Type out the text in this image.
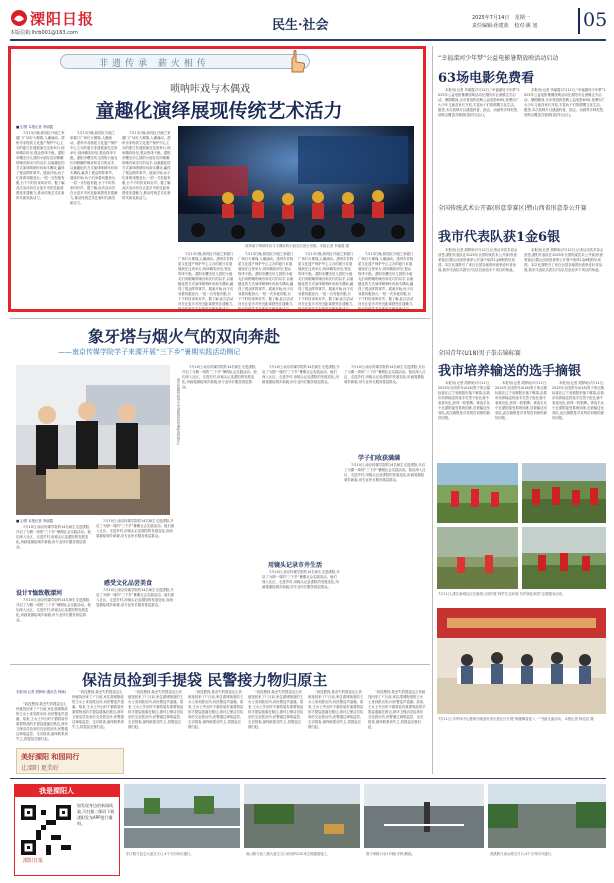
溧阳日报
本版信箱:lhrb001@163.com	民生·社会	2025年7月14日 星期一
责任编辑:孙建蓝 校对:姚 旭	05
非遗传承 薪火相传
唢呐咔戏与木偶戏
童趣化演绎展现传统艺术活力
■文/图 本报记者 李丽霞

7月13日晚,和园区开阔之家端门广场灯火璀璨,人潮涌动。溧州市非物质文化遗产保护中心主办的夏日非遗展演在这里举行,现场精彩纷呈,观众络绎不绝。溧阳市曙光幼儿园的小朋友们用稚嫩的嗓音和灵巧的双手,以童趣化的方式演绎唢呐咔戏和木偶戏,赢得了观众阵阵掌声。展演开始,孩子们身着戏服登台,一招一式有板有眼,台下不时传来叫好声。据了解,此次活动旨在让更多市民近距离感受非遗魅力,推动传统艺术在新时代焕发新活力。

7月13日晚,和园区开阔之家端门广场灯火璀璨,人潮涌动。溧州市非物质文化遗产保护中心主办的夏日非遗展演在这里举行,现场精彩纷呈,观众络绎不绝。溧阳市曙光幼儿园的小朋友们用稚嫩的嗓音和灵巧的双手,以童趣化的方式演绎唢呐咔戏和木偶戏,赢得了观众阵阵掌声。展演开始,孩子们身着戏服登台,一招一式有板有眼,台下不时传来叫好声。据了解,此次活动旨在让更多市民近距离感受非遗魅力,推动传统艺术在新时代焕发新活力。

7月13日晚,和园区开阔之家端门广场灯火璀璨,人潮涌动。溧州市非物质文化遗产保护中心主办的夏日非遗展演在这里举行,现场精彩纷呈,观众络绎不绝。溧阳市曙光幼儿园的小朋友们用稚嫩的嗓音和灵巧的双手,以童趣化的方式演绎唢呐咔戏和木偶戏,赢得了观众阵阵掌声。展演开始,孩子们身着戏服登台,一招一式有板有眼,台下不时传来叫好声。据了解,此次活动旨在让更多市民近距离感受非遗魅力,推动传统艺术在新时代焕发新活力。

演绎童子唢呐咔戏与木偶戏的小朋友们登台亮相。本报记者 李丽霞 摄

7月13日晚,和园区开阔之家端门广场灯火璀璨,人潮涌动。溧州市非物质文化遗产保护中心主办的夏日非遗展演在这里举行,现场精彩纷呈,观众络绎不绝。溧阳市曙光幼儿园的小朋友们用稚嫩的嗓音和灵巧的双手,以童趣化的方式演绎唢呐咔戏和木偶戏,赢得了观众阵阵掌声。展演开始,孩子们身着戏服登台,一招一式有板有眼,台下不时传来叫好声。据了解,此次活动旨在让更多市民近距离感受非遗魅力,推动传统艺术在新时代焕发新活力。

7月13日晚,和园区开阔之家端门广场灯火璀璨,人潮涌动。溧州市非物质文化遗产保护中心主办的夏日非遗展演在这里举行,现场精彩纷呈,观众络绎不绝。溧阳市曙光幼儿园的小朋友们用稚嫩的嗓音和灵巧的双手,以童趣化的方式演绎唢呐咔戏和木偶戏,赢得了观众阵阵掌声。展演开始,孩子们身着戏服登台,一招一式有板有眼,台下不时传来叫好声。据了解,此次活动旨在让更多市民近距离感受非遗魅力,推动传统艺术在新时代焕发新活力。

7月13日晚,和园区开阔之家端门广场灯火璀璨,人潮涌动。溧州市非物质文化遗产保护中心主办的夏日非遗展演在这里举行,现场精彩纷呈,观众络绎不绝。溧阳市曙光幼儿园的小朋友们用稚嫩的嗓音和灵巧的双手,以童趣化的方式演绎唢呐咔戏和木偶戏,赢得了观众阵阵掌声。展演开始,孩子们身着戏服登台,一招一式有板有眼,台下不时传来叫好声。据了解,此次活动旨在让更多市民近距离感受非遗魅力,推动传统艺术在新时代焕发新活力。

7月13日晚,和园区开阔之家端门广场灯火璀璨,人潮涌动。溧州市非物质文化遗产保护中心主办的夏日非遗展演在这里举行,现场精彩纷呈,观众络绎不绝。溧阳市曙光幼儿园的小朋友们用稚嫩的嗓音和灵巧的双手,以童趣化的方式演绎唢呐咔戏和木偶戏,赢得了观众阵阵掌声。展演开始,孩子们身着戏服登台,一招一式有板有眼,台下不时传来叫好声。据了解,此次活动旨在让更多市民近距离感受非遗魅力,推动传统艺术在新时代焕发新活力。

“幸福溧河少年梦”公益电影暑期放映活动启动
63场电影免费看

本报讯(记者 李丽霞)7月12日,“幸福溧河少年梦”2025年公益电影暑期放映活动在溧阳市社渚镇正式启动。暑期期间,全市将组织放映公益电影63场,免费向广大少年儿童及家长开放,丰富孩子们的假期文化生活。据悉,本次放映片目涵盖科普、励志、动画等多种类型,放映点覆盖各镇(街道)村(社区)。

本报讯(记者 李丽霞)7月12日,“幸福溧河少年梦”2025年公益电影暑期放映活动在溧阳市社渚镇正式启动。暑期期间,全市将组织放映公益电影63场,免费向广大少年儿童及家长开放,丰富孩子们的假期文化生活。据悉,本次放映片目涵盖科普、励志、动画等多种类型,放映点覆盖各镇(街道)村(社区)。

全国传统武术公开赛(形意拳赛区)暨山西省形意拳公开赛
我市代表队获1金6银

本报讯(记者 胡梦雨)7月12日,记者从市武术协会获悉,溧阳代表队在2025年全国传统武术公开赛(形意拳赛区)暨山西省形意拳公开赛中取得1金6银的好成绩。本次比赛吸引了来自全国各地的形意拳爱好者参赛,我市代表队共派出7名队员参加多个项目的角逐。

本报讯(记者 胡梦雨)7月12日,记者从市武术协会获悉,溧阳代表队在2025年全国传统武术公开赛(形意拳赛区)暨山西省形意拳公开赛中取得1金6银的好成绩。本次比赛吸引了来自全国各地的形意拳爱好者参赛,我市代表队共派出7名队员参加多个项目的角逐。

全国青年(U18)男子拳击锦标赛
我市培养输送的选手摘银

本报讯(记者 胡梦雨)7月11日,2025年全国青年(U18)男子拳击锦标赛在辽宁省朝阳市落下帷幕,由我市培养输送的选手在男子组比赛中表现出色,获得一枚银牌。该选手从小在溧阳接受系统训练,后被输送至省队,此次摘银是对其刻苦训练的最好回报。

本报讯(记者 胡梦雨)7月11日,2025年全国青年(U18)男子拳击锦标赛在辽宁省朝阳市落下帷幕,由我市培养输送的选手在男子组比赛中表现出色,获得一枚银牌。该选手从小在溧阳接受系统训练,后被输送至省队,此次摘银是对其刻苦训练的最好回报。

本报讯(记者 胡梦雨)7月11日,2025年全国青年(U18)男子拳击锦标赛在辽宁省朝阳市落下帷幕,由我市培养输送的选手在男子组比赛中表现出色,获得一枚银牌。该选手从小在溧阳接受系统训练,后被输送至省队,此次摘银是对其刻苦训练的最好回报。

7月11日,溧江新城社区在港湾公园开展“保护生态环境 共护绿色家园”志愿服务活动。
7月11日,市军休中心邀请书画爱好者走进社区开展“翰墨飘香迎八一”书画交流活动。本报记者 杨佳辰 摄
象牙塔与烟火气的双向奔赴
——南京传媒学院学子来溧开展“三下乡”暑期实践活动侧记
南京传媒学院学生与溧阳居民交流(资料图片)
■文/图 本报记者 李丽霞

7月10日,南京传媒学院的14名师生走进溧阳,开启了为期一周的“三下乡”暑期社会实践活动。他们深入社区、走进乡村,用镜头记录溧阳的发展变化,用画笔描绘城乡新貌,用专业所长服务基层群众。

设计T恤致敬溧河

7月10日,南京传媒学院的14名师生走进溧阳,开启了为期一周的“三下乡”暑期社会实践活动。他们深入社区、走进乡村,用镜头记录溧阳的发展变化,用画笔描绘城乡新貌,用专业所长服务基层群众。

7月10日,南京传媒学院的14名师生走进溧阳,开启了为期一周的“三下乡”暑期社会实践活动。他们深入社区、走进乡村,用镜头记录溧阳的发展变化,用画笔描绘城乡新貌,用专业所长服务基层群众。

感受文化品尝美食

7月10日,南京传媒学院的14名师生走进溧阳,开启了为期一周的“三下乡”暑期社会实践活动。他们深入社区、走进乡村,用镜头记录溧阳的发展变化,用画笔描绘城乡新貌,用专业所长服务基层群众。

7月10日,南京传媒学院的14名师生走进溧阳,开启了为期一周的“三下乡”暑期社会实践活动。他们深入社区、走进乡村,用镜头记录溧阳的发展变化,用画笔描绘城乡新貌,用专业所长服务基层群众。

7月10日,南京传媒学院的14名师生走进溧阳,开启了为期一周的“三下乡”暑期社会实践活动。他们深入社区、走进乡村,用镜头记录溧阳的发展变化,用画笔描绘城乡新貌,用专业所长服务基层群众。

用镜头记录市井生活

7月10日,南京传媒学院的14名师生走进溧阳,开启了为期一周的“三下乡”暑期社会实践活动。他们深入社区、走进乡村,用镜头记录溧阳的发展变化,用画笔描绘城乡新貌,用专业所长服务基层群众。

7月10日,南京传媒学院的14名师生走进溧阳,开启了为期一周的“三下乡”暑期社会实践活动。他们深入社区、走进乡村,用镜头记录溧阳的发展变化,用画笔描绘城乡新貌,用专业所长服务基层群众。

学子们收获满满

7月10日,南京传媒学院的14名师生走进溧阳,开启了为期一周的“三下乡”暑期社会实践活动。他们深入社区、走进乡村,用镜头记录溧阳的发展变化,用画笔描绘城乡新貌,用专业所长服务基层群众。

保洁员捡到手提袋 民警接力物归原主
本报讯(记者 胡梦雨 通讯员 钟晓)

“真没想到,我丢失的提袋这么快就找回来了!”日前,家住溧城街道的王女士来到派出所,向民警连声道谢。原来,王女士外出时不慎将装有重要物品的手提袋遗落在路边,被环卫保洁员捡到后交至派出所,民警通过调取监控、走访排查,最终联系到失主,将提袋完璧归赵。

“真没想到,我丢失的提袋这么快就找回来了!”日前,家住溧城街道的王女士来到派出所,向民警连声道谢。原来,王女士外出时不慎将装有重要物品的手提袋遗落在路边,被环卫保洁员捡到后交至派出所,民警通过调取监控、走访排查,最终联系到失主,将提袋完璧归赵。

“真没想到,我丢失的提袋这么快就找回来了!”日前,家住溧城街道的王女士来到派出所,向民警连声道谢。原来,王女士外出时不慎将装有重要物品的手提袋遗落在路边,被环卫保洁员捡到后交至派出所,民警通过调取监控、走访排查,最终联系到失主,将提袋完璧归赵。

“真没想到,我丢失的提袋这么快就找回来了!”日前,家住溧城街道的王女士来到派出所,向民警连声道谢。原来,王女士外出时不慎将装有重要物品的手提袋遗落在路边,被环卫保洁员捡到后交至派出所,民警通过调取监控、走访排查,最终联系到失主,将提袋完璧归赵。

“真没想到,我丢失的提袋这么快就找回来了!”日前,家住溧城街道的王女士来到派出所,向民警连声道谢。原来,王女士外出时不慎将装有重要物品的手提袋遗落在路边,被环卫保洁员捡到后交至派出所,民警通过调取监控、走访排查,最终联系到失主,将提袋完璧归赵。

“真没想到,我丢失的提袋这么快就找回来了!”日前,家住溧城街道的王女士来到派出所,向民警连声道谢。原来,王女士外出时不慎将装有重要物品的手提袋遗落在路边,被环卫保洁员捡到后交至派出所,民警通过调取监控、走访排查,最终联系到失主,将提袋完璧归赵。

“真没想到,我丢失的提袋这么快就找回来了!”日前,家住溧城街道的王女士来到派出所,向民警连声道谢。原来,王女士外出时不慎将装有重要物品的手提袋遗落在路边,被环卫保洁员捡到后交至派出所,民警通过调取监控、走访排查,最终联系到失主,将提袋完璧归赵。

美好溧阳 和园同行
让溧阳 更美好
我是溧阳人
溧阳日报
如发现身边的新闻线索,可扫描二维码下载溧阳发布APP进行爆料。
东江路与昆仑大道交叉口,4个方向均可通行。	南山路与迎三湖大道交叉口向西约120米左侧通道施工。	燕子坝路口至1号路(平桥)路段。	燕燕路与南山路交叉口,4个方向均可通行。
